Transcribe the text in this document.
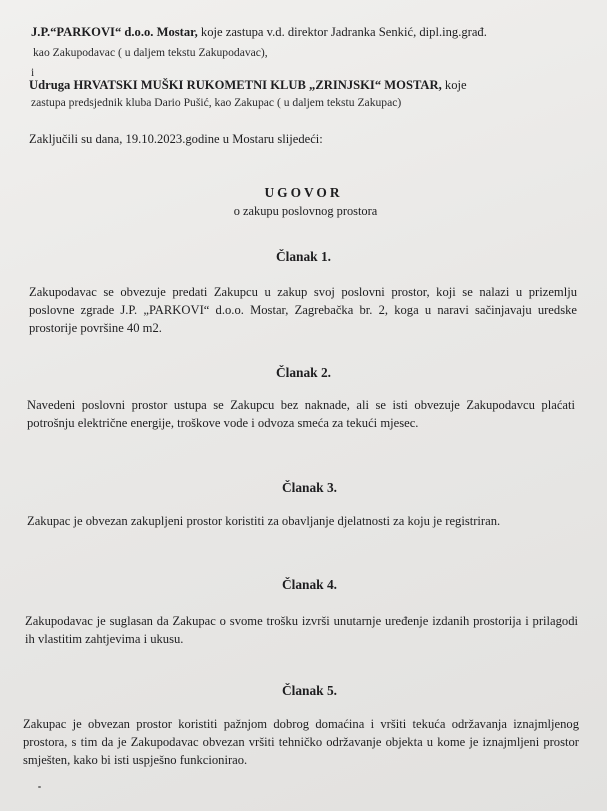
J.P.“PARKOVI“ d.o.o. Mostar, koje zastupa v.d. direktor Jadranka Senkić, dipl.ing.građ.

kao Zakupodavac ( u daljem tekstu Zakupodavac),

i

Udruga HRVATSKI MUŠKI RUKOMETNI KLUB „ZRINJSKI“ MOSTAR, koje

zastupa predsjednik kluba Dario Pušić, kao Zakupac ( u daljem tekstu Zakupac)

Zaključili su dana, 19.10.2023.godine u Mostaru slijedeći:

UGOVOR

o zakupu poslovnog prostora

Članak 1.

Zakupodavac se obvezuje predati Zakupcu u zakup svoj poslovni prostor, koji se nalazi u prizemlju poslovne zgrade J.P. „PARKOVI“ d.o.o. Mostar, Zagrebačka br. 2, koga u naravi sačinjavaju uredske prostorije površine 40 m2.

Članak 2.

Navedeni poslovni prostor ustupa se Zakupcu bez naknade, ali se isti obvezuje Zakupodavcu plaćati potrošnju električne energije, troškove vode i odvoza smeća za tekući mjesec.

Članak 3.

Zakupac je obvezan zakupljeni prostor koristiti za obavljanje djelatnosti za koju je registriran.

Članak 4.

Zakupodavac je suglasan da Zakupac o svome trošku izvrši unutarnje uređenje izdanih prostorija i prilagodi ih vlastitim zahtjevima i ukusu.

Članak 5.

Zakupac je obvezan prostor koristiti pažnjom dobrog domaćina i vršiti tekuća održavanja iznajmljenog prostora, s tim da je Zakupodavac obvezan vršiti tehničko održavanje objekta u kome je iznajmljeni prostor smješten, kako bi isti uspješno funkcionirao.
